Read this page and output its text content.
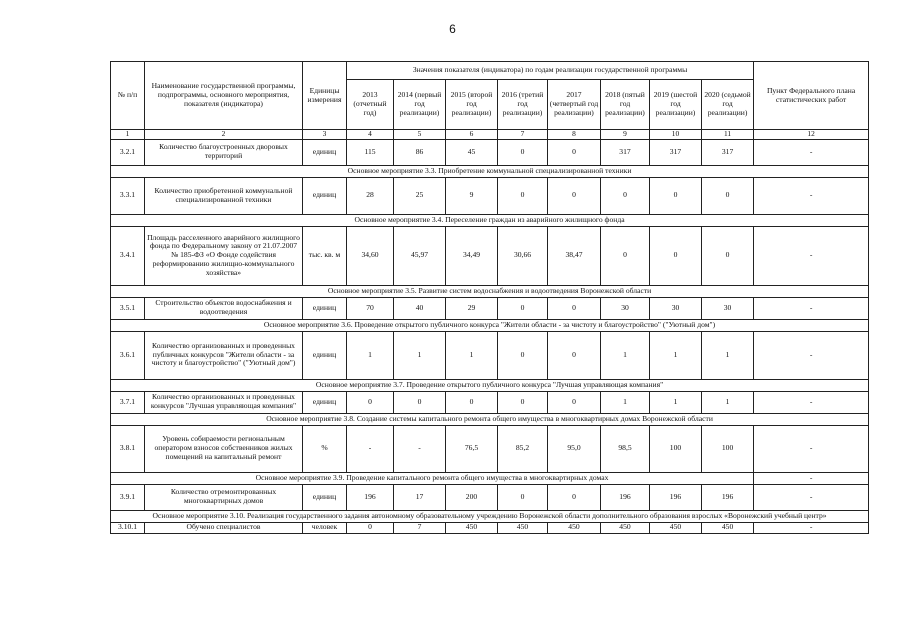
6
№ п/п	Наименование государственной программы, подпрограммы, основного мероприятия, показателя (индикатора)	Единицы измерения	Значения показателя (индикатора) по годам реализации государственной программы								Пункт Федерального плана статистических работ
			2013 (отчетный год)	2014 (первый год реализации)	2015 (второй год реализации)	2016 (третий год реализации)	2017 (четвертый год реализации)	2018 (пятый год реализации)	2019 (шестой год реализации)	2020 (седьмой год реализации)	
1	2	3	4	5	6	7	8	9	10	11	12
3.2.1	Количество благоустроенных дворовых территорий	единиц	115	86	45	0	0	317	317	317	-
Основное мероприятие 3.3. Приобретение коммунальной специализированной техники											
3.3.1	Количество приобретенной коммунальной специализированной техники	единиц	28	25	9	0	0	0	0	0	-
Основное мероприятие 3.4. Переселение граждан из аварийного жилищного фонда											
3.4.1	Площадь расселенного аварийного жилищного фонда по Федеральному закону от 21.07.2007 № 185-ФЗ «О Фонде содействия реформированию жилищно-коммунального хозяйства»	тыс. кв. м	34,60	45,97	34,49	30,66	38,47	0	0	0	-
Основное мероприятие 3.5. Развитие систем водоснабжения и водоотведения Воронежской области											
3.5.1	Строительство объектов водоснабжения и водоотведения	единиц	70	40	29	0	0	30	30	30	-
Основное мероприятие 3.6. Проведение открытого публичного конкурса "Жители области - за чистоту и благоустройство" ("Уютный дом")											
3.6.1	Количество организованных и проведенных публичных конкурсов "Жители области - за чистоту и благоустройство" ("Уютный дом")	единиц	1	1	1	0	0	1	1	1	-
Основное мероприятие 3.7. Проведение открытого публичного конкурса "Лучшая управляющая компания"											
3.7.1	Количество организованных и проведенных конкурсов "Лучшая управляющая компания"	единиц	0	0	0	0	0	1	1	1	-
Основное мероприятие 3.8. Создание системы капитального ремонта общего имущества в многоквартирных домах Воронежской области											
3.8.1	Уровень собираемости региональным оператором взносов собственников жилых помещений на капитальный ремонт	%	-	-	76,5	85,2	95,0	98,5	100	100	-
Основное мероприятие 3.9. Проведение капитального ремонта общего имущества в многоквартирных домах											-
3.9.1	Количество отремонтированных многоквартирных домов	единиц	196	17	200	0	0	196	196	196	-
Основное мероприятие 3.10. Реализация государственного задания автономному образовательному учреждению Воронежской области дополнительного образования взрослых «Воронежский учебный центр»											
3.10.1	Обучено специалистов	человек	0	7	450	450	450	450	450	450	-
